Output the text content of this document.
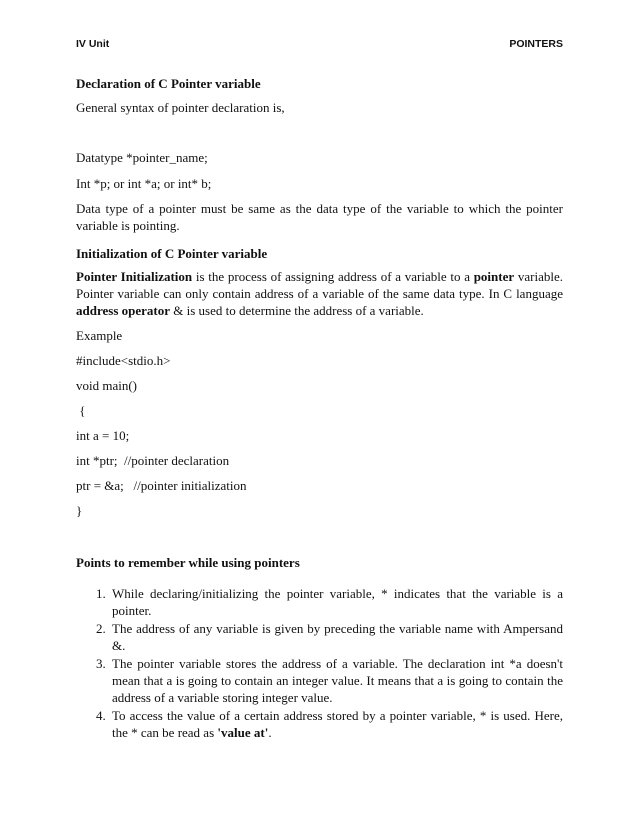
IV Unit	POINTERS

Declaration of C Pointer variable

General syntax of pointer declaration is,

Datatype *pointer_name;

Int *p; or int *a; or int* b;

Data type of a pointer must be same as the data type of the variable to which the pointer variable is pointing.

Initialization of C Pointer variable

Pointer Initialization is the process of assigning address of a variable to a pointer variable. Pointer variable can only contain address of a variable of the same data type. In C language address operator & is used to determine the address of a variable.

Example

#include<stdio.h>

void main()

{

int a = 10;

int *ptr;  //pointer declaration

ptr = &a;   //pointer initialization

}

Points to remember while using pointers

1. While declaring/initializing the pointer variable, * indicates that the variable is a pointer.
2. The address of any variable is given by preceding the variable name with Ampersand &.
3. The pointer variable stores the address of a variable. The declaration int *a doesn't mean that a is going to contain an integer value. It means that a is going to contain the address of a variable storing integer value.
4. To access the value of a certain address stored by a pointer variable, * is used. Here, the * can be read as 'value at'.
